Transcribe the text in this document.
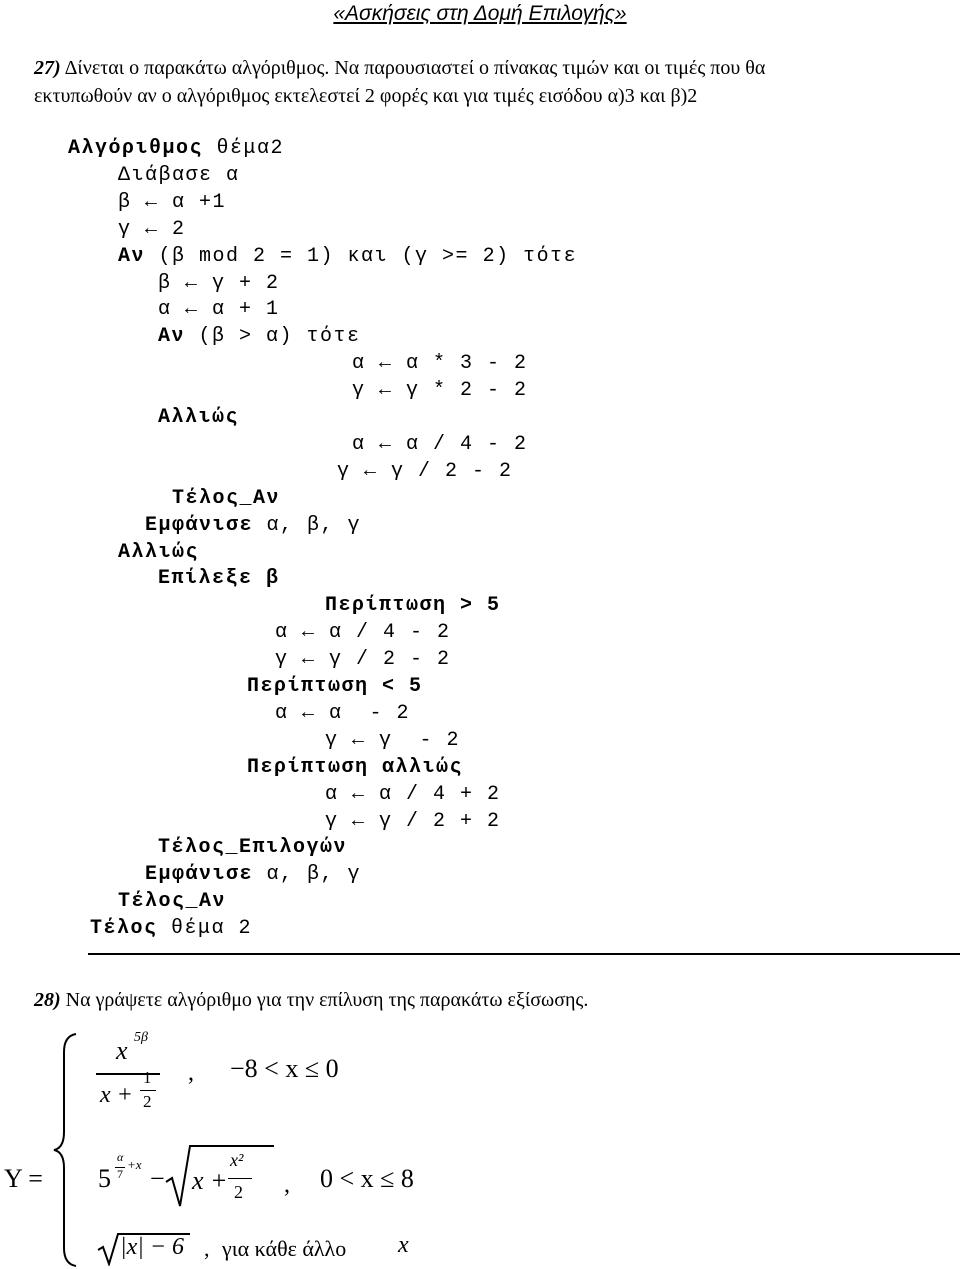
«Ασκήσεις στη Δομή Επιλογής»
27) Δίνεται ο παρακάτω αλγόριθμος. Να παρουσιαστεί ο πίνακας τιμών και οι τιμές που θα
εκτυπωθούν αν ο αλγόριθμος εκτελεστεί 2 φορές και για τιμές εισόδου α)3 και β)2
Αλγόριθμος θέμα2
Διάβασε α
β ← α +1
γ ← 2
Αν (β mod 2 = 1) και (γ >= 2) τότε
β ← γ + 2
α ← α + 1
Αν (β > α) τότε
α ← α * 3 - 2
γ ← γ * 2 - 2
Αλλιώς
α ← α / 4 - 2
γ ← γ / 2 - 2
Τέλος_Αν
Εμφάνισε α, β, γ
Αλλιώς
Επίλεξε β
Περίπτωση > 5
α ← α / 4 - 2
γ ← γ / 2 - 2
Περίπτωση < 5
α ← α  - 2
γ ← γ  - 2
Περίπτωση αλλιώς
α ← α / 4 + 2
γ ← γ / 2 + 2
Τέλος_Επιλογών
Εμφάνισε α, β, γ
Τέλος_Αν
Τέλος θέμα 2
28) Να γράψετε αλγόριθμο για την επίλυση της παρακάτω εξίσωσης.
Y =
x 5β
x +
1
2
, −8 < x ≤ 0
5
α
7
+x − x +
x²
2 , 0 < x ≤ 8
|x| − 6 , για κάθε άλλο x
